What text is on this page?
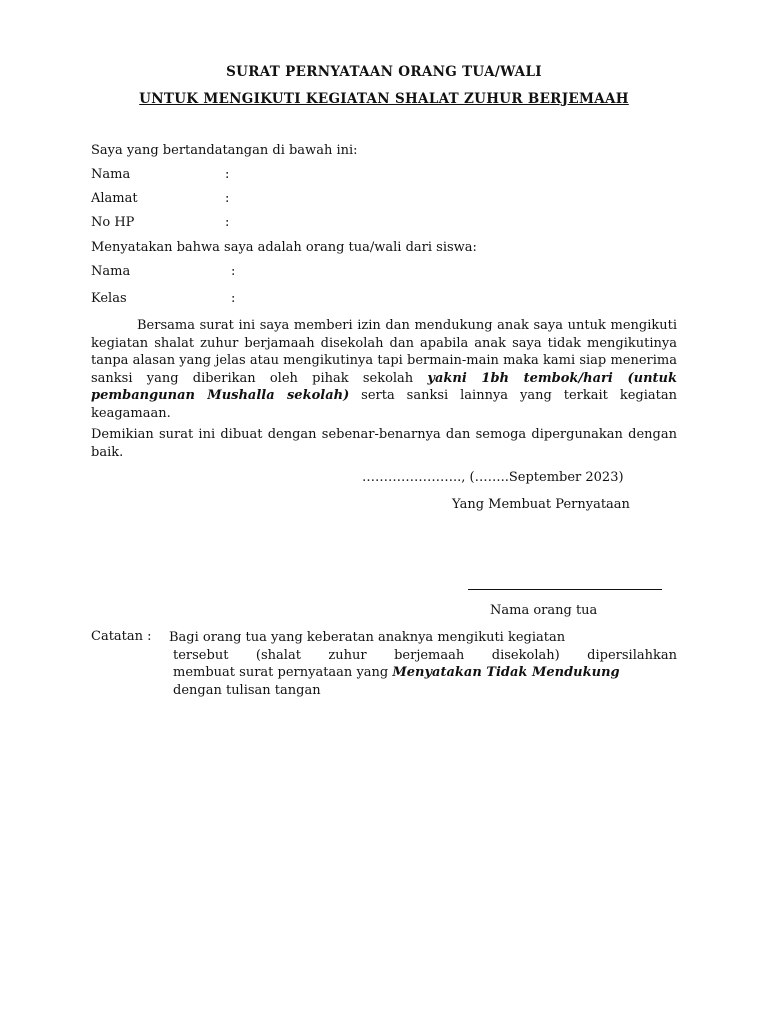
SURAT PERNYATAAN ORANG TUA/WALI
UNTUK MENGIKUTI KEGIATAN SHALAT ZUHUR BERJEMAAH
Saya yang bertandatangan di bawah ini:
Nama	:
Alamat	:
No HP	:
Menyatakan bahwa saya adalah orang tua/wali dari siswa:
Nama	:
Kelas	:
Bersama surat ini saya memberi izin dan mendukung anak saya untuk mengikuti kegiatan shalat zuhur berjamaah disekolah dan apabila anak saya tidak mengikutinya tanpa alasan yang jelas atau mengikutinya tapi bermain-main maka kami siap menerima sanksi yang diberikan oleh pihak sekolah yakni 1bh tembok/hari (untuk pembangunan Mushalla sekolah) serta sanksi lainnya yang terkait kegiatan keagamaan.
Demikian surat ini dibuat dengan sebenar-benarnya dan semoga dipergunakan dengan baik.
………………….., (……..September 2023)
Yang Membuat Pernyataan
Nama orang tua
Catatan : Bagi orang tua yang keberatan anaknya mengikuti kegiatan
tersebut (shalat zuhur berjemaah disekolah) dipersilahkan
membuat surat pernyataan yang Menyatakan Tidak Mendukung
dengan tulisan tangan
